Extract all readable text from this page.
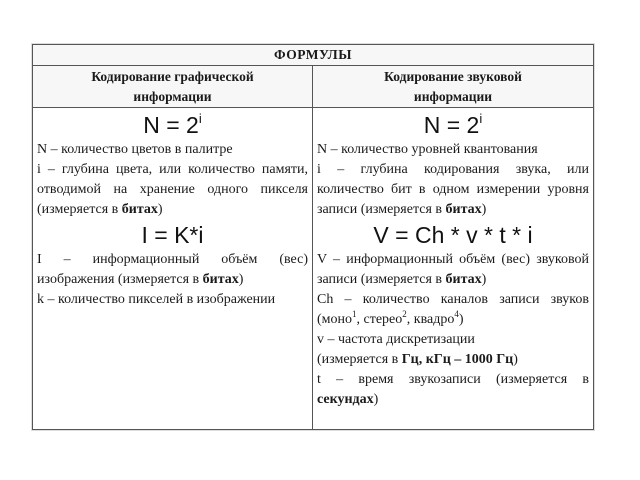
ФОРМУЛЫ
Кодирование графической
информации
$N = 2^i$

N – количество цветов в палитре

i – глубина цвета, или количество памяти, отводимой на хранение одного пикселя (измеряется в битах)

I = K*i

I – информационный объём (вес) изображения (измеряется в битах)

k – количество пикселей в изображении

Кодирование звуковой
информации
$N = 2^i$

N – количество уровней квантования

i – глубина кодирования звука, или количество бит в одном измерении уровня записи (измеряется в битах)

V = Ch * v * t * i

V – информационный объём (вес) звуковой записи (измеряется в битах)

Ch – количество каналов записи звуков (моно$^1$, стерео$^2$, квадро$^4$)

v – частота дискретизации

(измеряется в Гц, кГц – 1000 Гц)

t – время звукозаписи (измеряется в секундах)
